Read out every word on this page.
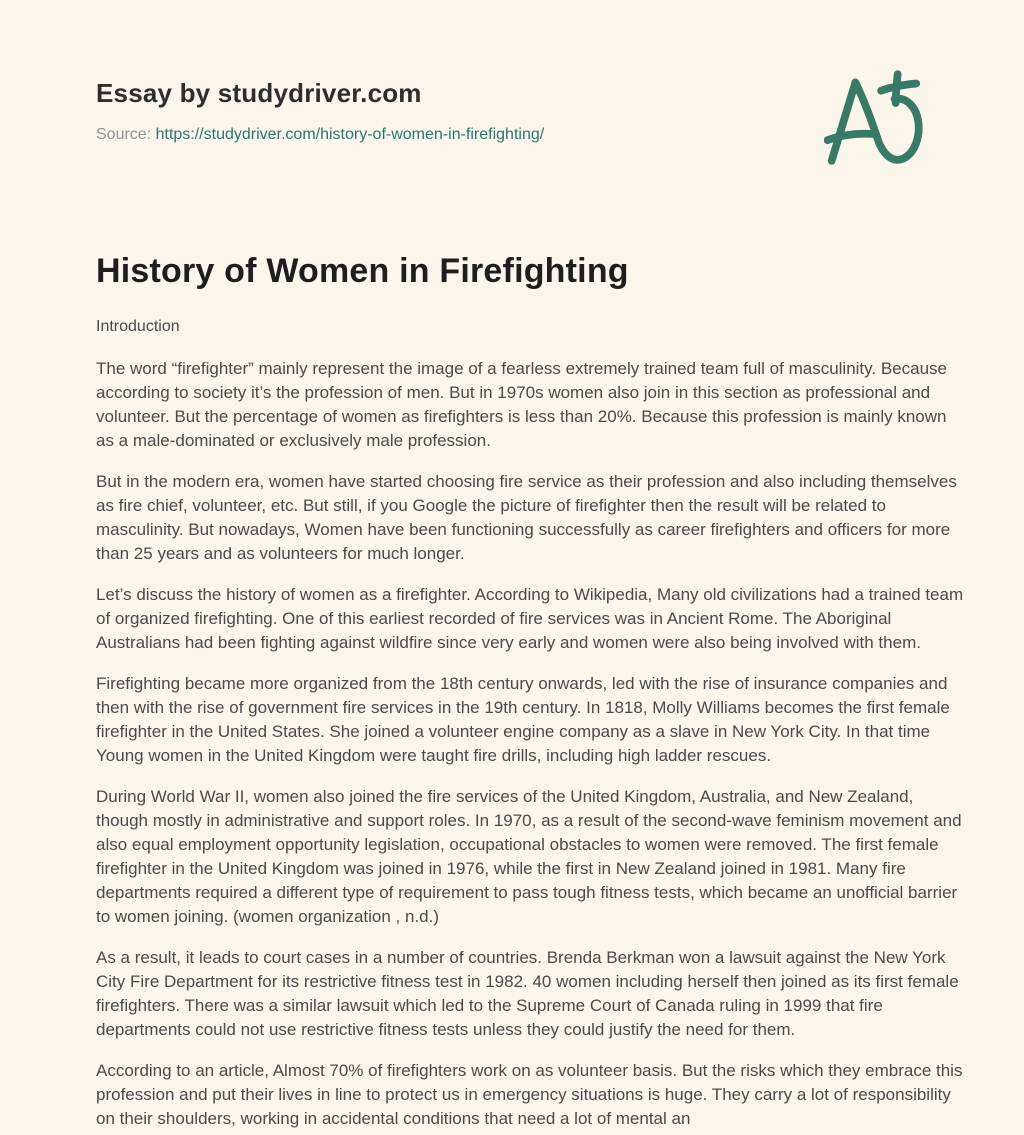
Essay by studydriver.com
Source: https://studydriver.com/history-of-women-in-firefighting/
History of Women in Firefighting
Introduction

The word “firefighter” mainly represent the image of a fearless extremely trained team full of masculinity. Because according to society it’s the profession of men. But in 1970s women also join in this section as professional and volunteer. But the percentage of women as firefighters is less than 20%. Because this profession is mainly known as a male-dominated or exclusively male profession.

But in the modern era, women have started choosing fire service as their profession and also including themselves as fire chief, volunteer, etc. But still, if you Google the picture of firefighter then the result will be related to masculinity. But nowadays, Women have been functioning successfully as career firefighters and officers for more than 25 years and as volunteers for much longer.

Let’s discuss the history of women as a firefighter. According to Wikipedia, Many old civilizations had a trained team of organized firefighting. One of this earliest recorded of fire services was in Ancient Rome. The Aboriginal Australians had been fighting against wildfire since very early and women were also being involved with them.

Firefighting became more organized from the 18th century onwards, led with the rise of insurance companies and then with the rise of government fire services in the 19th century. In 1818, Molly Williams becomes the first female firefighter in the United States. She joined a volunteer engine company as a slave in New York City. In that time Young women in the United Kingdom were taught fire drills, including high ladder rescues.

During World War II, women also joined the fire services of the United Kingdom, Australia, and New Zealand, though mostly in administrative and support roles. In 1970, as a result of the second-wave feminism movement and also equal employment opportunity legislation, occupational obstacles to women were removed. The first female firefighter in the United Kingdom was joined in 1976, while the first in New Zealand joined in 1981. Many fire departments required a different type of requirement to pass tough fitness tests, which became an unofficial barrier to women joining. (women organization , n.d.)

As a result, it leads to court cases in a number of countries. Brenda Berkman won a lawsuit against the New York City Fire Department for its restrictive fitness test in 1982. 40 women including herself then joined as its first female firefighters. There was a similar lawsuit which led to the Supreme Court of Canada ruling in 1999 that fire departments could not use restrictive fitness tests unless they could justify the need for them.

According to an article, Almost 70% of firefighters work on as volunteer basis. But the risks which they embrace this profession and put their lives in line to protect us in emergency situations is huge. They carry a lot of responsibility on their shoulders, working in accidental conditions that need a lot of mental an
